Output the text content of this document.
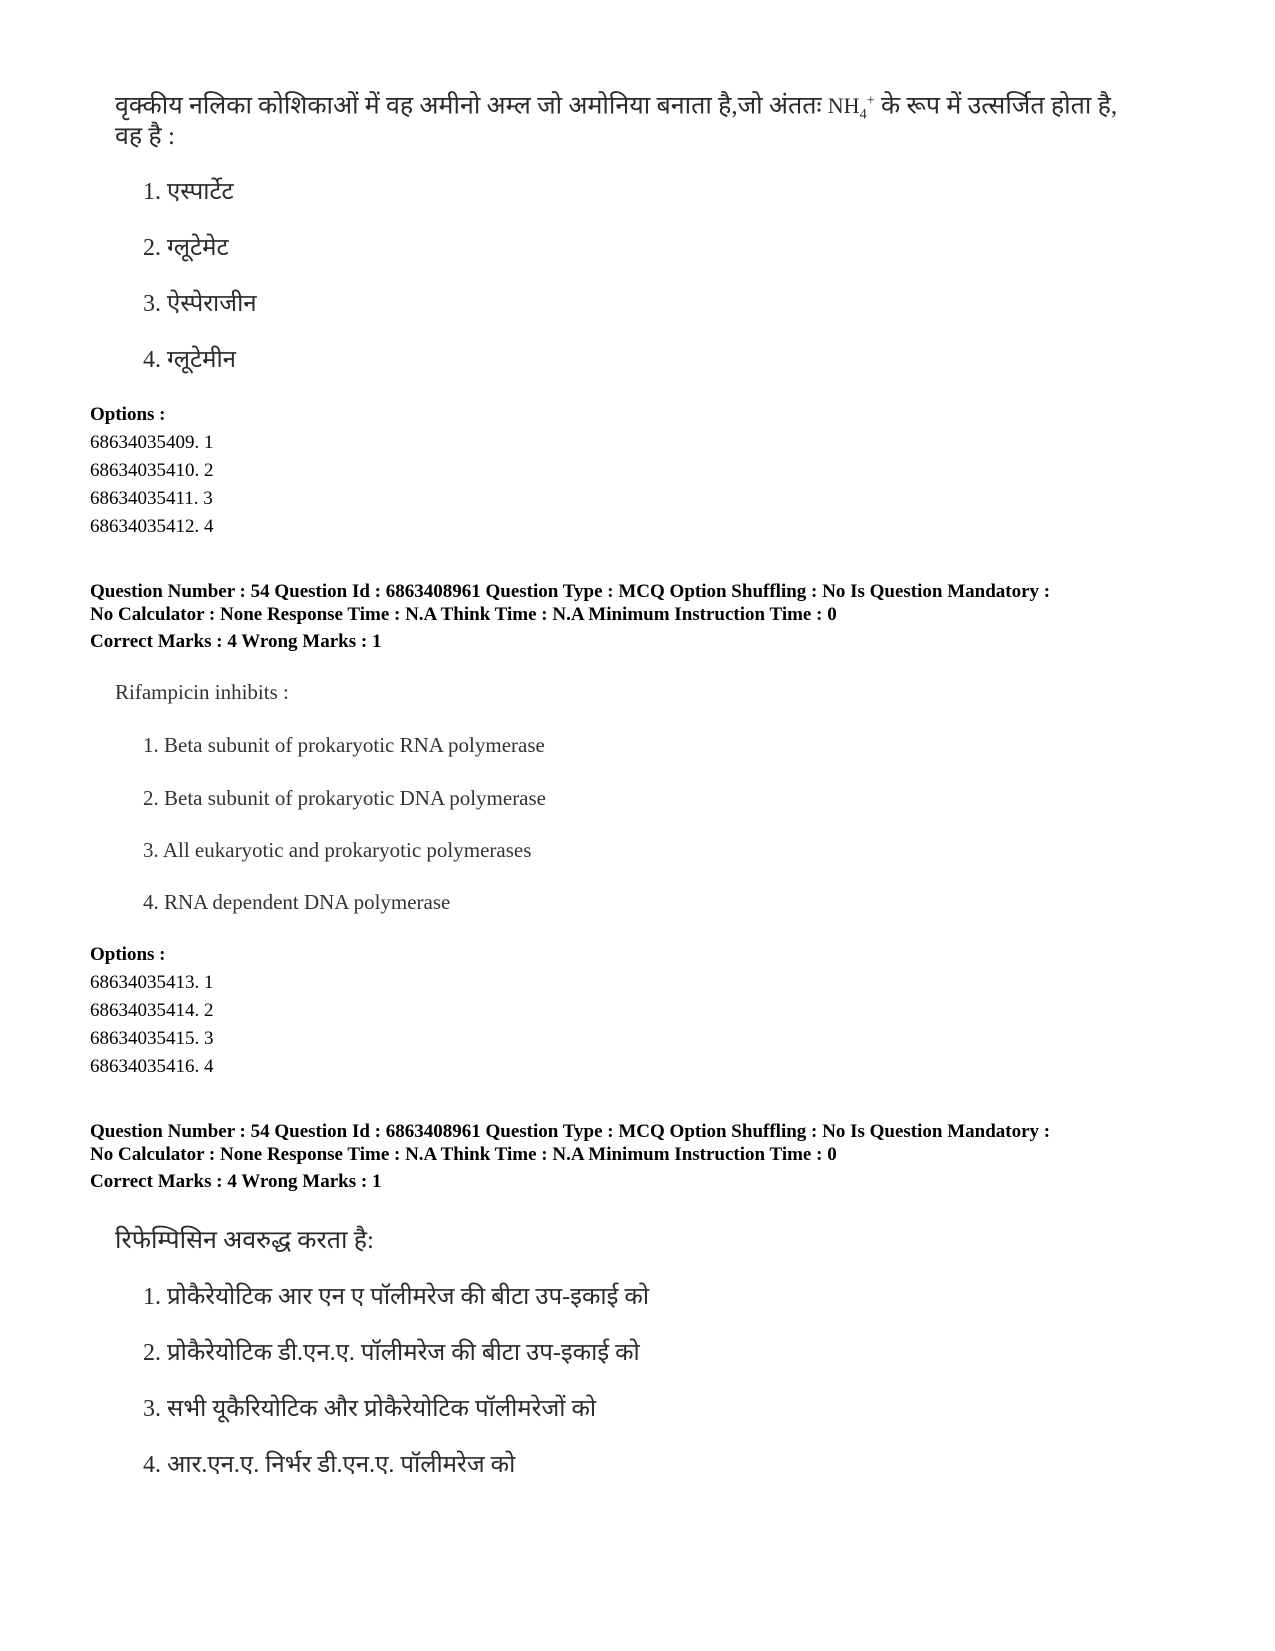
वृक्कीय नलिका कोशिकाओं में वह अमीनो अम्ल जो अमोनिया बनाता है,जो अंततः $NH_4^+$ के रूप में उत्सर्जित होता है,
वह है :
1. एस्पार्टेट
2. ग्लूटेमेट
3. ऐस्पेराजीन
4. ग्लूटेमीन
Options :
68634035409. 1
68634035410. 2
68634035411. 3
68634035412. 4
Question Number : 54 Question Id : 6863408961 Question Type : MCQ Option Shuffling : No Is Question Mandatory :
No Calculator : None Response Time : N.A Think Time : N.A Minimum Instruction Time : 0
Correct Marks : 4 Wrong Marks : 1
Rifampicin inhibits :
1. Beta subunit of prokaryotic RNA polymerase
2. Beta subunit of prokaryotic DNA polymerase
3. All eukaryotic and prokaryotic polymerases
4. RNA dependent DNA polymerase
Options :
68634035413. 1
68634035414. 2
68634035415. 3
68634035416. 4
Question Number : 54 Question Id : 6863408961 Question Type : MCQ Option Shuffling : No Is Question Mandatory :
No Calculator : None Response Time : N.A Think Time : N.A Minimum Instruction Time : 0
Correct Marks : 4 Wrong Marks : 1
रिफेम्पिसिन अवरुद्ध करता है:
1. प्रोकैरेयोटिक आर एन ए पॉलीमरेज की बीटा उप-इकाई को
2. प्रोकैरेयोटिक डी.एन.ए. पॉलीमरेज की बीटा उप-इकाई को
3. सभी यूकैरियोटिक और प्रोकैरेयोटिक पॉलीमरेजों को
4. आर.एन.ए. निर्भर डी.एन.ए. पॉलीमरेज को
